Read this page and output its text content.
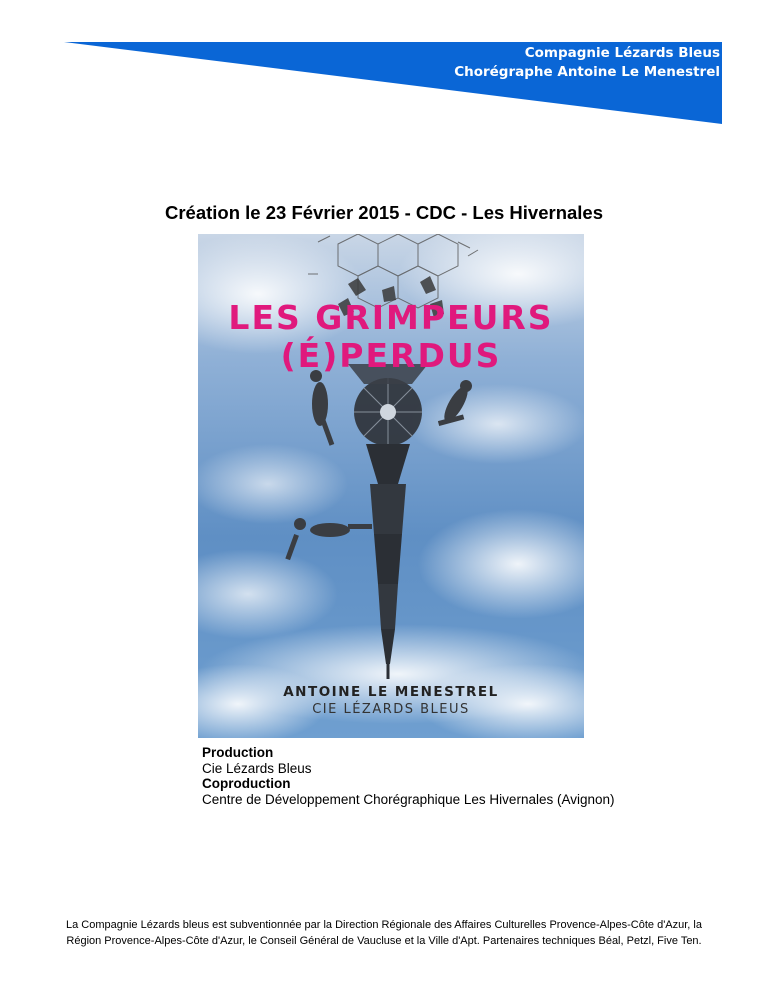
Compagnie Lézards Bleus
Chorégraphe Antoine Le Menestrel
Création le 23 Février 2015 - CDC - Les Hivernales
LES GRIMPEURS
(É)PERDUS
ANTOINE LE MENESTREL
CIE LÉZARDS BLEUS
Production
Cie Lézards Bleus
Coproduction
Centre de Développement Chorégraphique Les Hivernales (Avignon)
La Compagnie Lézards bleus est subventionnée par la Direction Régionale des Affaires Culturelles Provence-Alpes-Côte d'Azur, la
Région Provence-Alpes-Côte d'Azur, le Conseil Général de Vaucluse et la Ville d'Apt. Partenaires techniques Béal, Petzl, Five Ten.
